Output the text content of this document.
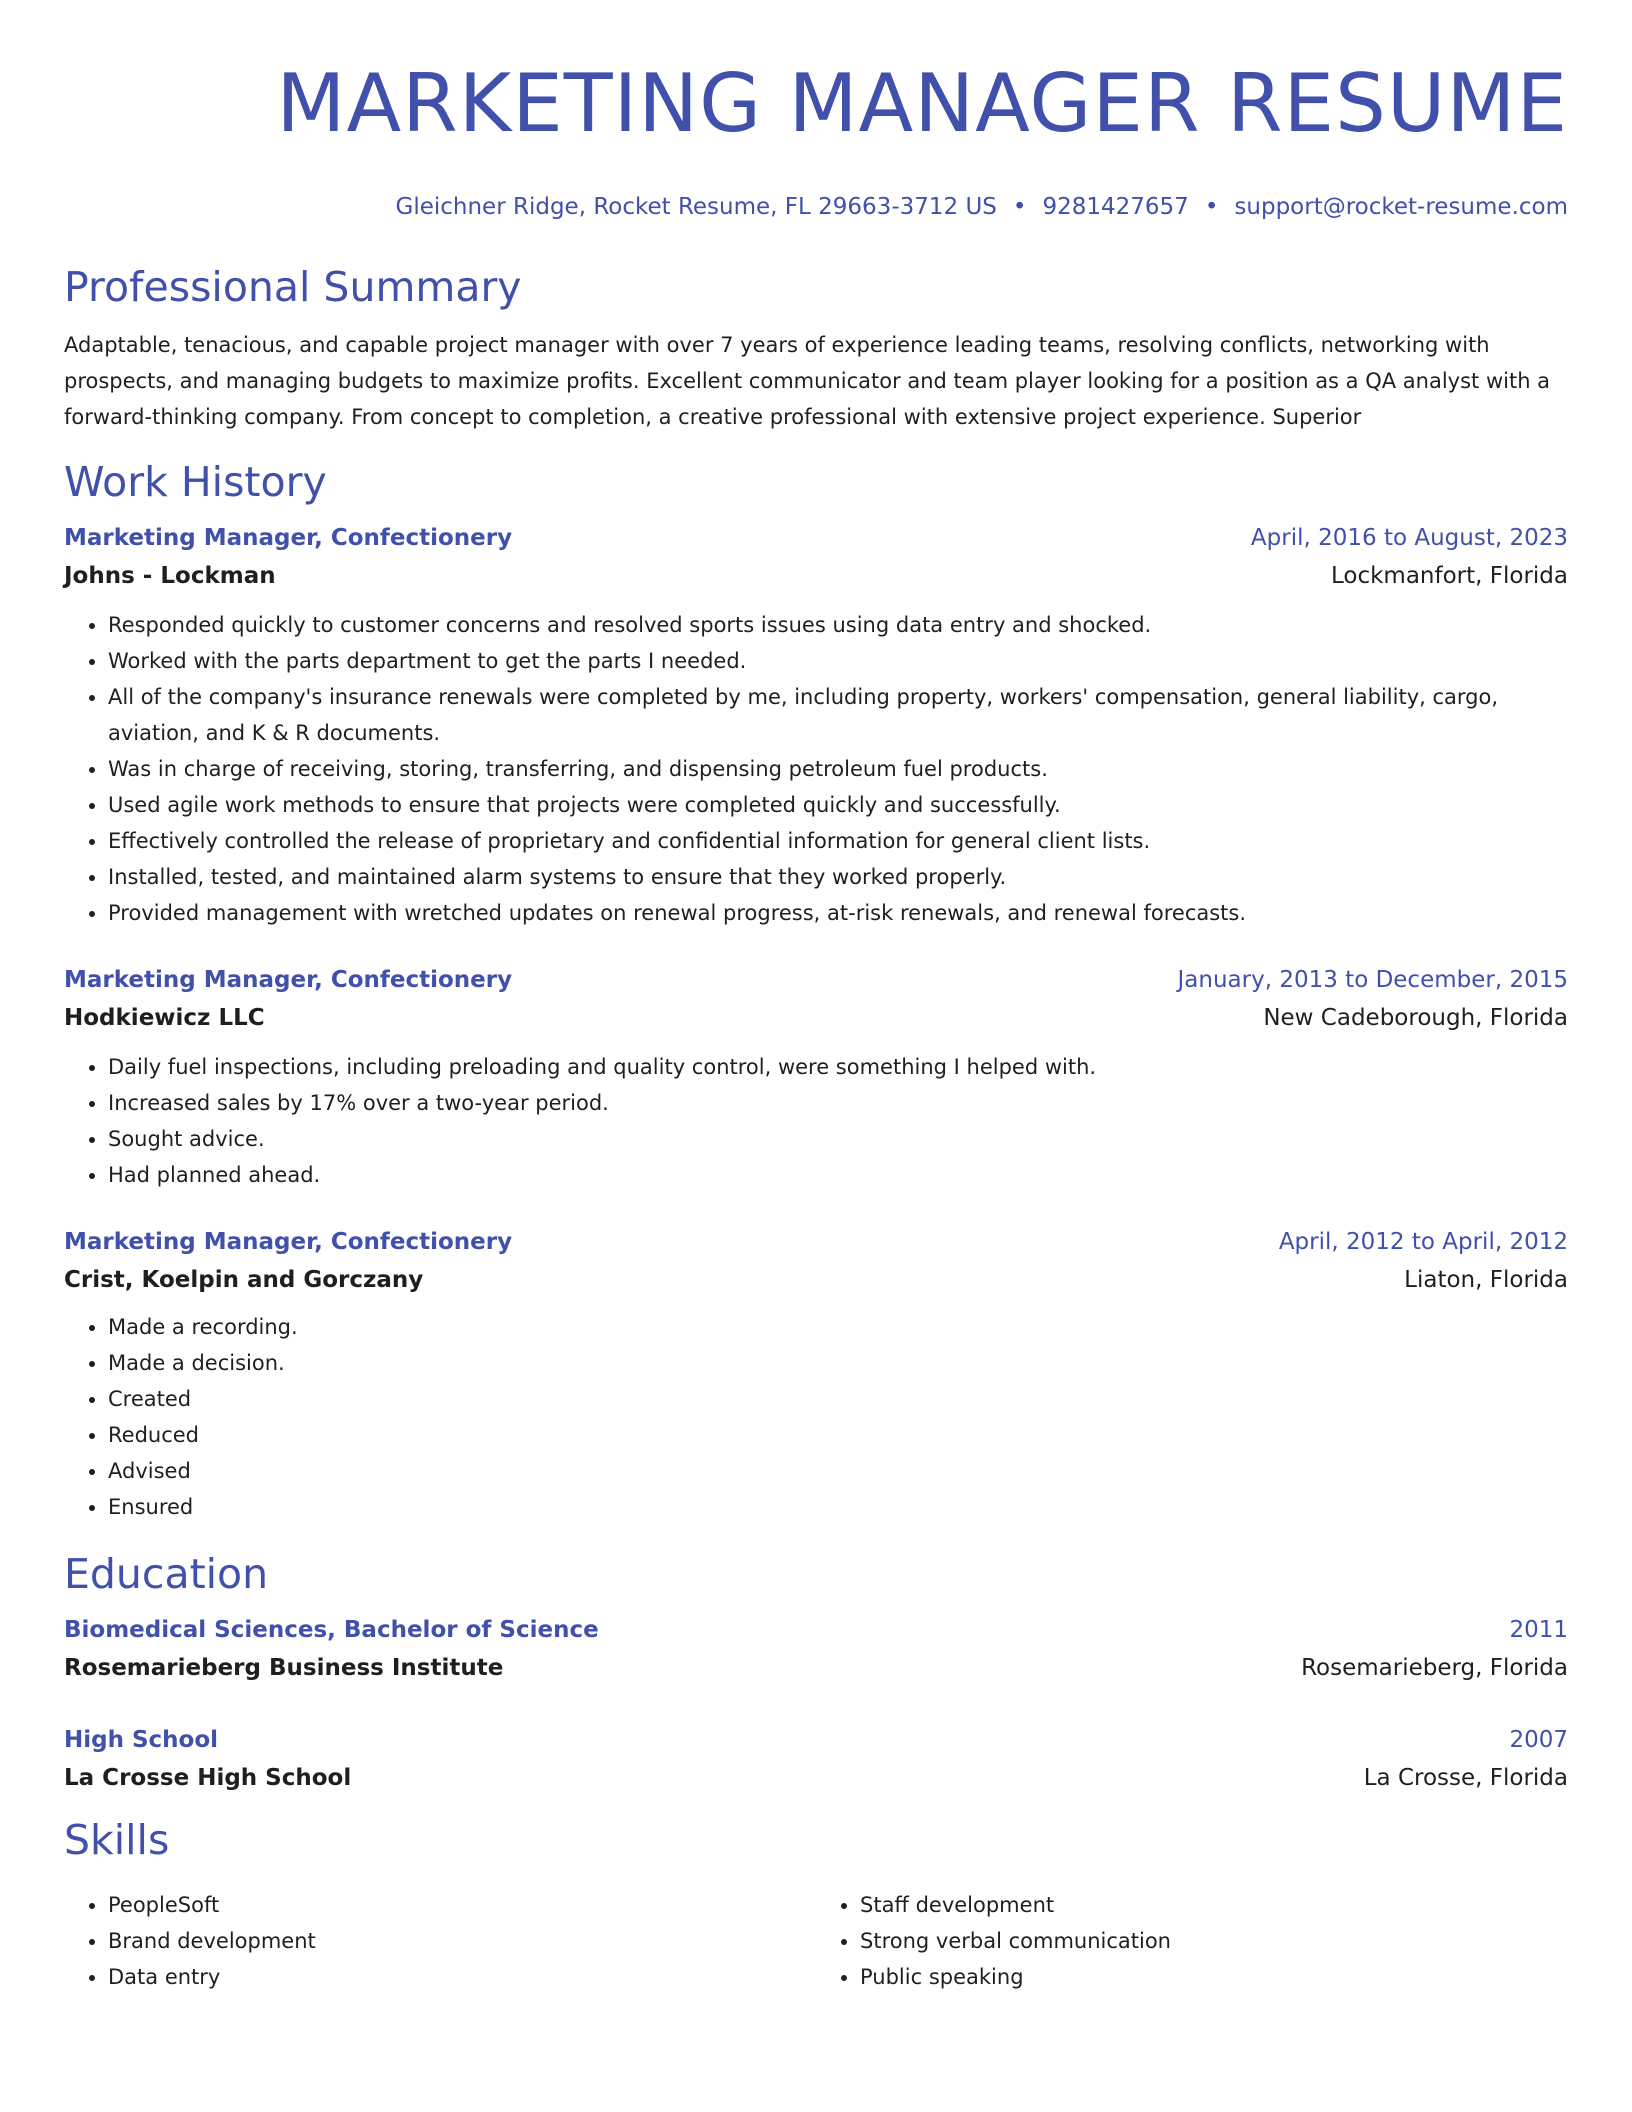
MARKETING MANAGER RESUME
Gleichner Ridge, Rocket Resume, FL 29663-3712 US • 9281427657 • support@rocket-resume.com
Professional Summary
Adaptable, tenacious, and capable project manager with over 7 years of experience leading teams, resolving conflicts, networking with prospects, and managing budgets to maximize profits. Excellent communicator and team player looking for a position as a QA analyst with a forward-thinking company. From concept to completion, a creative professional with extensive project experience. Superior
Work History
Marketing Manager, Confectionery	April, 2016 to August, 2023
Johns - Lockman	Lockmanfort, Florida
• Responded quickly to customer concerns and resolved sports issues using data entry and shocked.
• Worked with the parts department to get the parts I needed.
• All of the company's insurance renewals were completed by me, including property, workers' compensation, general liability, cargo, aviation, and K & R documents.
• Was in charge of receiving, storing, transferring, and dispensing petroleum fuel products.
• Used agile work methods to ensure that projects were completed quickly and successfully.
• Effectively controlled the release of proprietary and confidential information for general client lists.
• Installed, tested, and maintained alarm systems to ensure that they worked properly.
• Provided management with wretched updates on renewal progress, at-risk renewals, and renewal forecasts.
Marketing Manager, Confectionery	January, 2013 to December, 2015
Hodkiewicz LLC	New Cadeborough, Florida
• Daily fuel inspections, including preloading and quality control, were something I helped with.
• Increased sales by 17% over a two-year period.
• Sought advice.
• Had planned ahead.
Marketing Manager, Confectionery	April, 2012 to April, 2012
Crist, Koelpin and Gorczany	Liaton, Florida
• Made a recording.
• Made a decision.
• Created
• Reduced
• Advised
• Ensured
Education
Biomedical Sciences, Bachelor of Science	2011
Rosemarieberg Business Institute	Rosemarieberg, Florida
High School	2007
La Crosse High School	La Crosse, Florida
Skills
• PeopleSoft
• Brand development
• Data entry
• Staff development
• Strong verbal communication
• Public speaking
